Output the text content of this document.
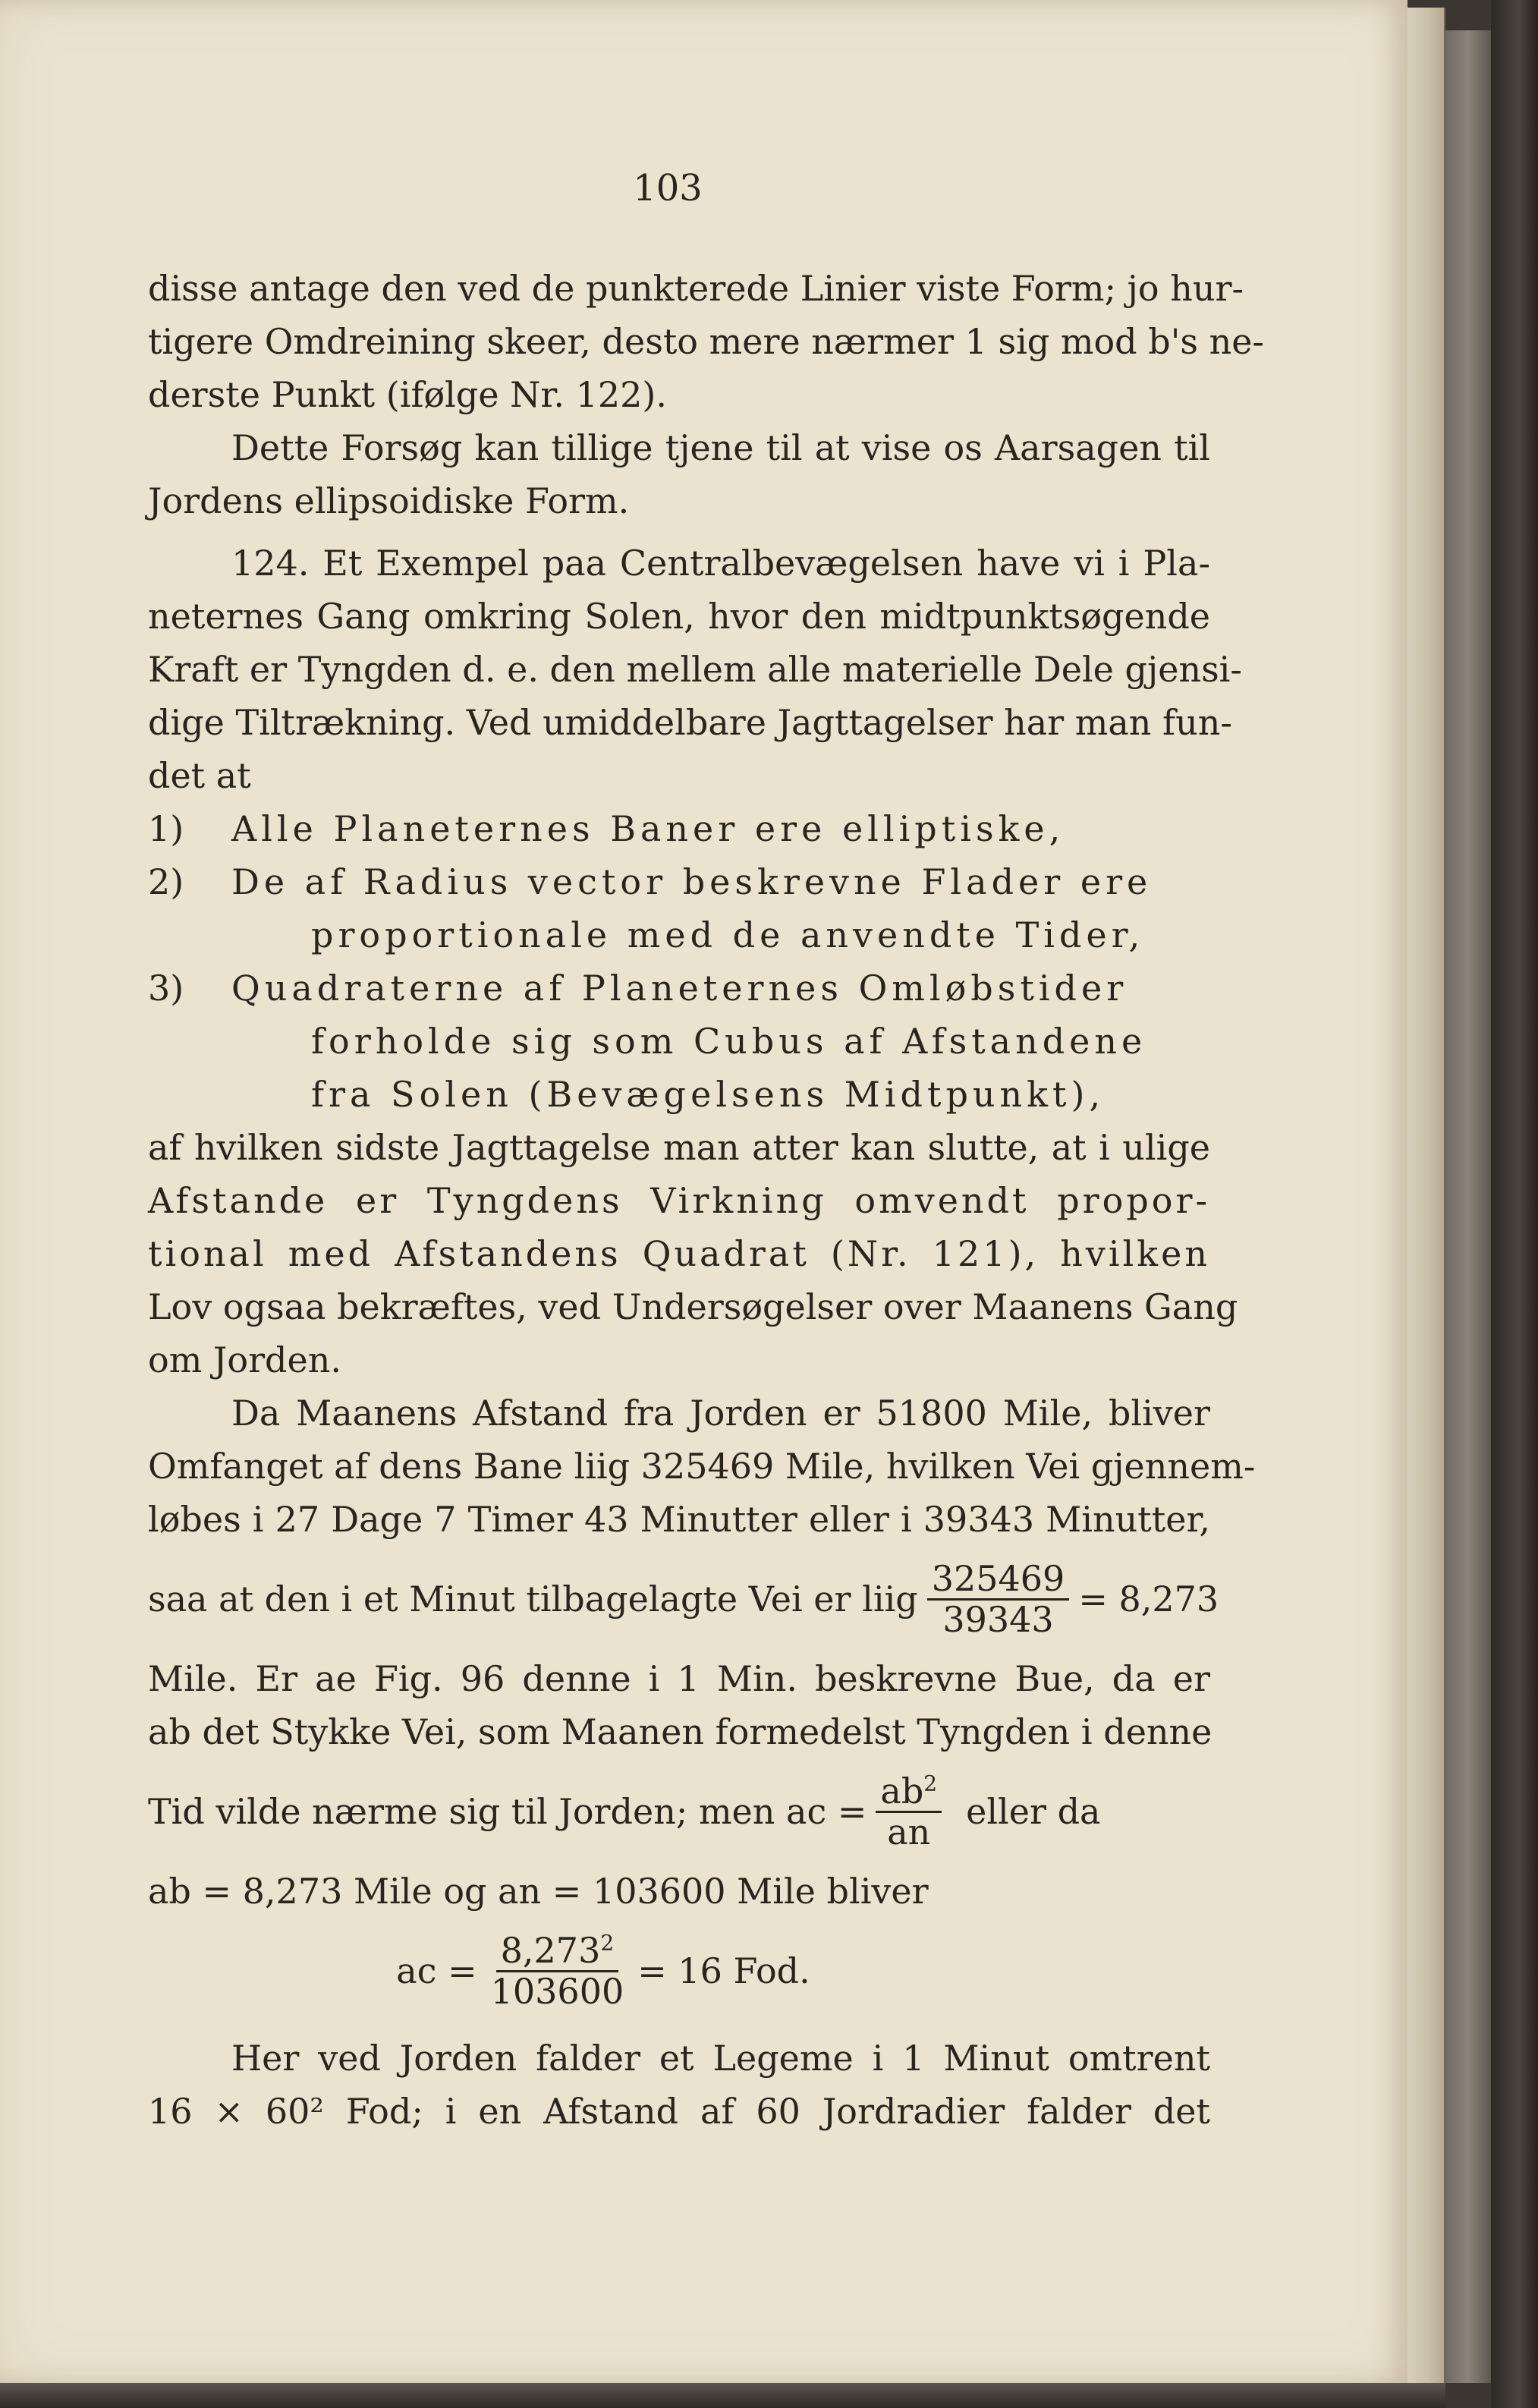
103
disse antage den ved de punkterede Linier viste Form; jo hur-
tigere Omdreining skeer, desto mere nærmer 1 sig mod b's ne-
derste Punkt (ifølge Nr. 122).
Dette Forsøg kan tillige tjene til at vise os Aarsagen til
Jordens ellipsoidiske Form.
124. Et Exempel paa Centralbevægelsen have vi i Pla-
neternes Gang omkring Solen, hvor den midtpunktsøgende
Kraft er Tyngden d. e. den mellem alle materielle Dele gjensi-
dige Tiltrækning. Ved umiddelbare Jagttagelser har man fun-
det at
1) Alle Planeternes Baner ere elliptiske,
2) De af Radius vector beskrevne Flader ere
proportionale med de anvendte Tider,
3) Quadraterne af Planeternes Omløbstider
forholde sig som Cubus af Afstandene
fra Solen (Bevægelsens Midtpunkt),
af hvilken sidste Jagttagelse man atter kan slutte, at i ulige
Afstande er Tyngdens Virkning omvendt propor-
tional med Afstandens Quadrat (Nr. 121), hvilken
Lov ogsaa bekræftes, ved Undersøgelser over Maanens Gang
om Jorden.
Da Maanens Afstand fra Jorden er 51800 Mile, bliver
Omfanget af dens Bane liig 325469 Mile, hvilken Vei gjennem-
løbes i 27 Dage 7 Timer 43 Minutter eller i 39343 Minutter,
saa at den i et Minut tilbagelagte Vei er liig $\frac{325469}{39343} = 8,273$
Mile. Er ae Fig. 96 denne i 1 Min. beskrevne Bue, da er
ab det Stykke Vei, som Maanen formedelst Tyngden i denne
Tid vilde nærme sig til Jorden; men ac = $\frac{ab^2}{an}$ eller da
ab = 8,273 Mile og an = 103600 Mile bliver
ac = $\frac{8,273^2}{103600} = 16$ Fod.
Her ved Jorden falder et Legeme i 1 Minut omtrent
16 × 60² Fod; i en Afstand af 60 Jordradier falder det
